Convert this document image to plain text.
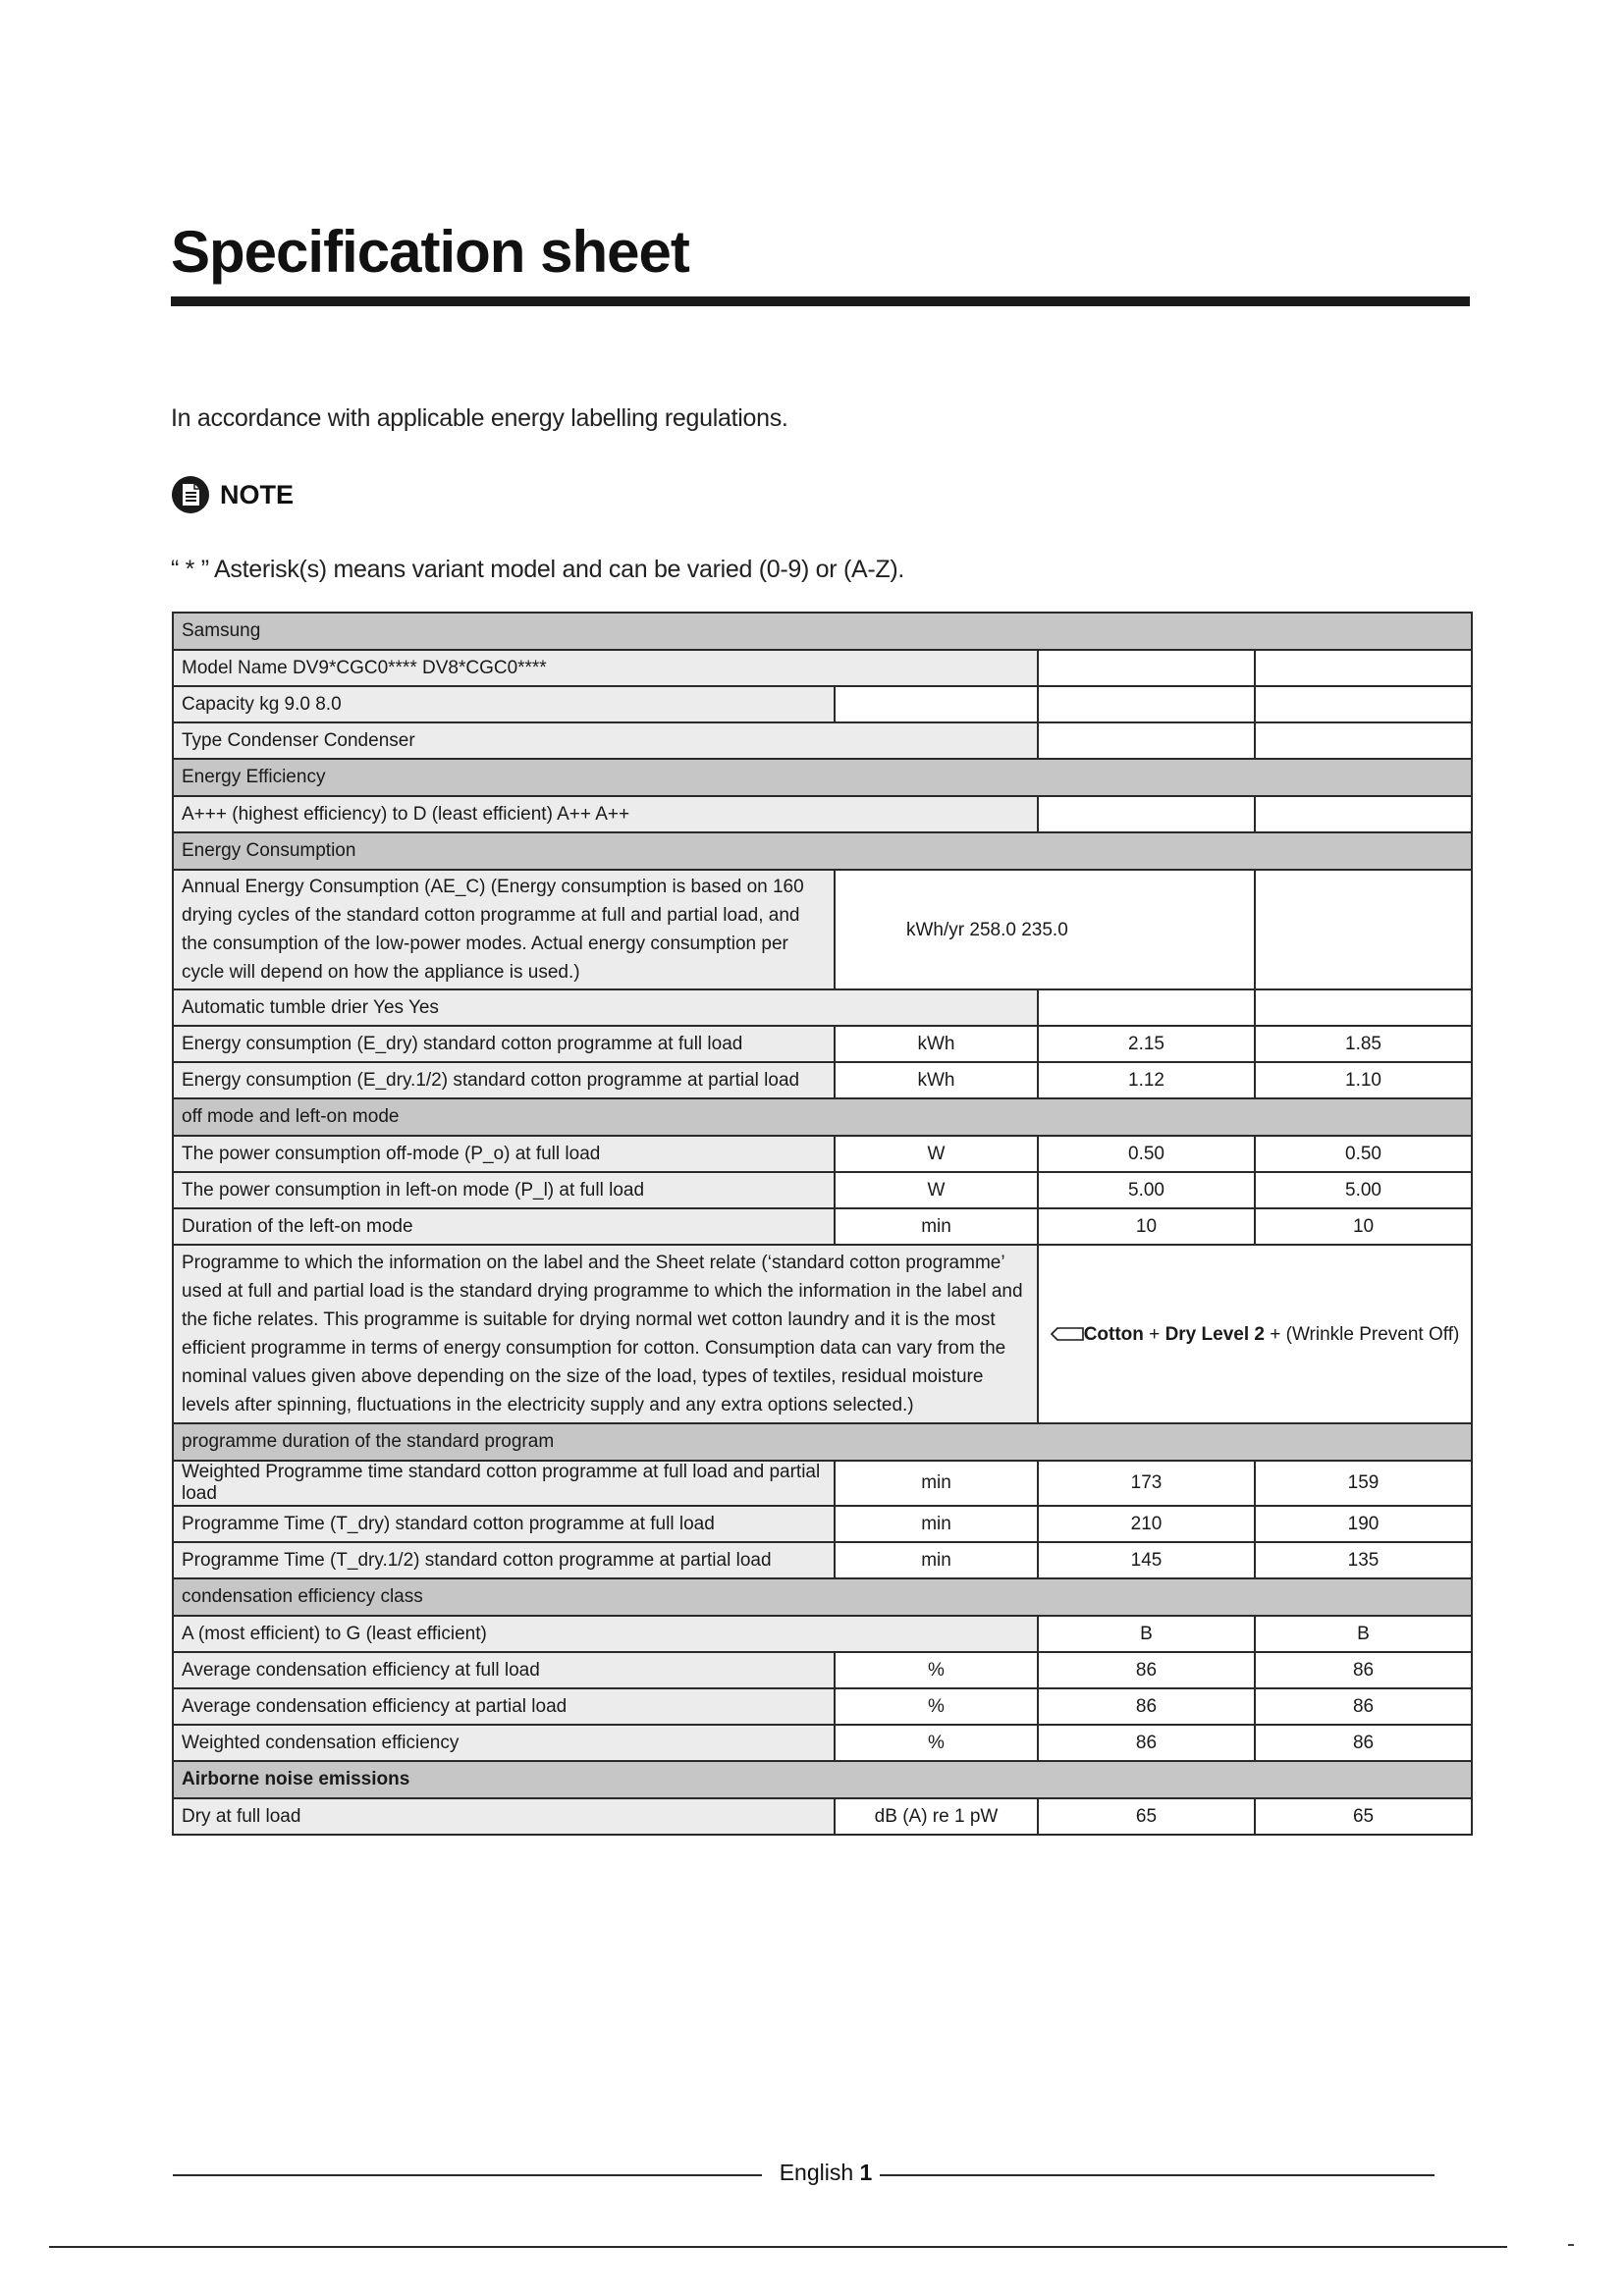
Specification sheet
In accordance with applicable energy labelling regulations.
NOTE
“ * ” Asterisk(s) means variant model and can be varied (0-9) or (A-Z).
Samsung			
Model Name DV9*CGC0**** DV8*CGC0****			
Capacity kg 9.0 8.0			
Type Condenser Condenser			
Energy Efficiency			
A+++ (highest efficiency) to D (least efficient) A++ A++			
Energy Consumption			
Annual Energy Consumption (AE_C) (Energy consumption is based on 160 drying cycles of the standard cotton programme at full and partial load, and the consumption of the low-power modes. Actual energy consumption per cycle will depend on how the appliance is used.)	kWh/yr 258.0 235.0		
Automatic tumble drier Yes Yes			
Energy consumption (E_dry) standard cotton programme at full load	kWh	2.15	1.85
Energy consumption (E_dry.1/2) standard cotton programme at partial load	kWh	1.12	1.10
off mode and left-on mode			
The power consumption off-mode (P_o) at full load	W	0.50	0.50
The power consumption in left-on mode (P_l) at full load	W	5.00	5.00
Duration of the left-on mode	min	10	10
Programme to which the information on the label and the Sheet relate (‘standard cotton programme’ used at full and partial load is the standard drying programme to which the information in the label and the fiche relates. This programme is suitable for drying normal wet cotton laundry and it is the most efficient programme in terms of energy consumption for cotton. Consumption data can vary from the nominal values given above depending on the size of the load, types of textiles, residual moisture levels after spinning, fluctuations in the electricity supply and any extra options selected.)		Cotton + Dry Level 2 + (Wrinkle Prevent Off)	
programme duration of the standard program			
Weighted Programme time standard cotton programme at full load and partial load	min	173	159
Programme Time (T_dry) standard cotton programme at full load	min	210	190
Programme Time (T_dry.1/2) standard cotton programme at partial load	min	145	135
condensation efficiency class			
A (most efficient) to G (least efficient)		B	B
Average condensation efficiency at full load	%	86	86
Average condensation efficiency at partial load	%	86	86
Weighted condensation efficiency	%	86	86
Airborne noise emissions			
Dry at full load	dB (A) re 1 pW	65	65
English 1
